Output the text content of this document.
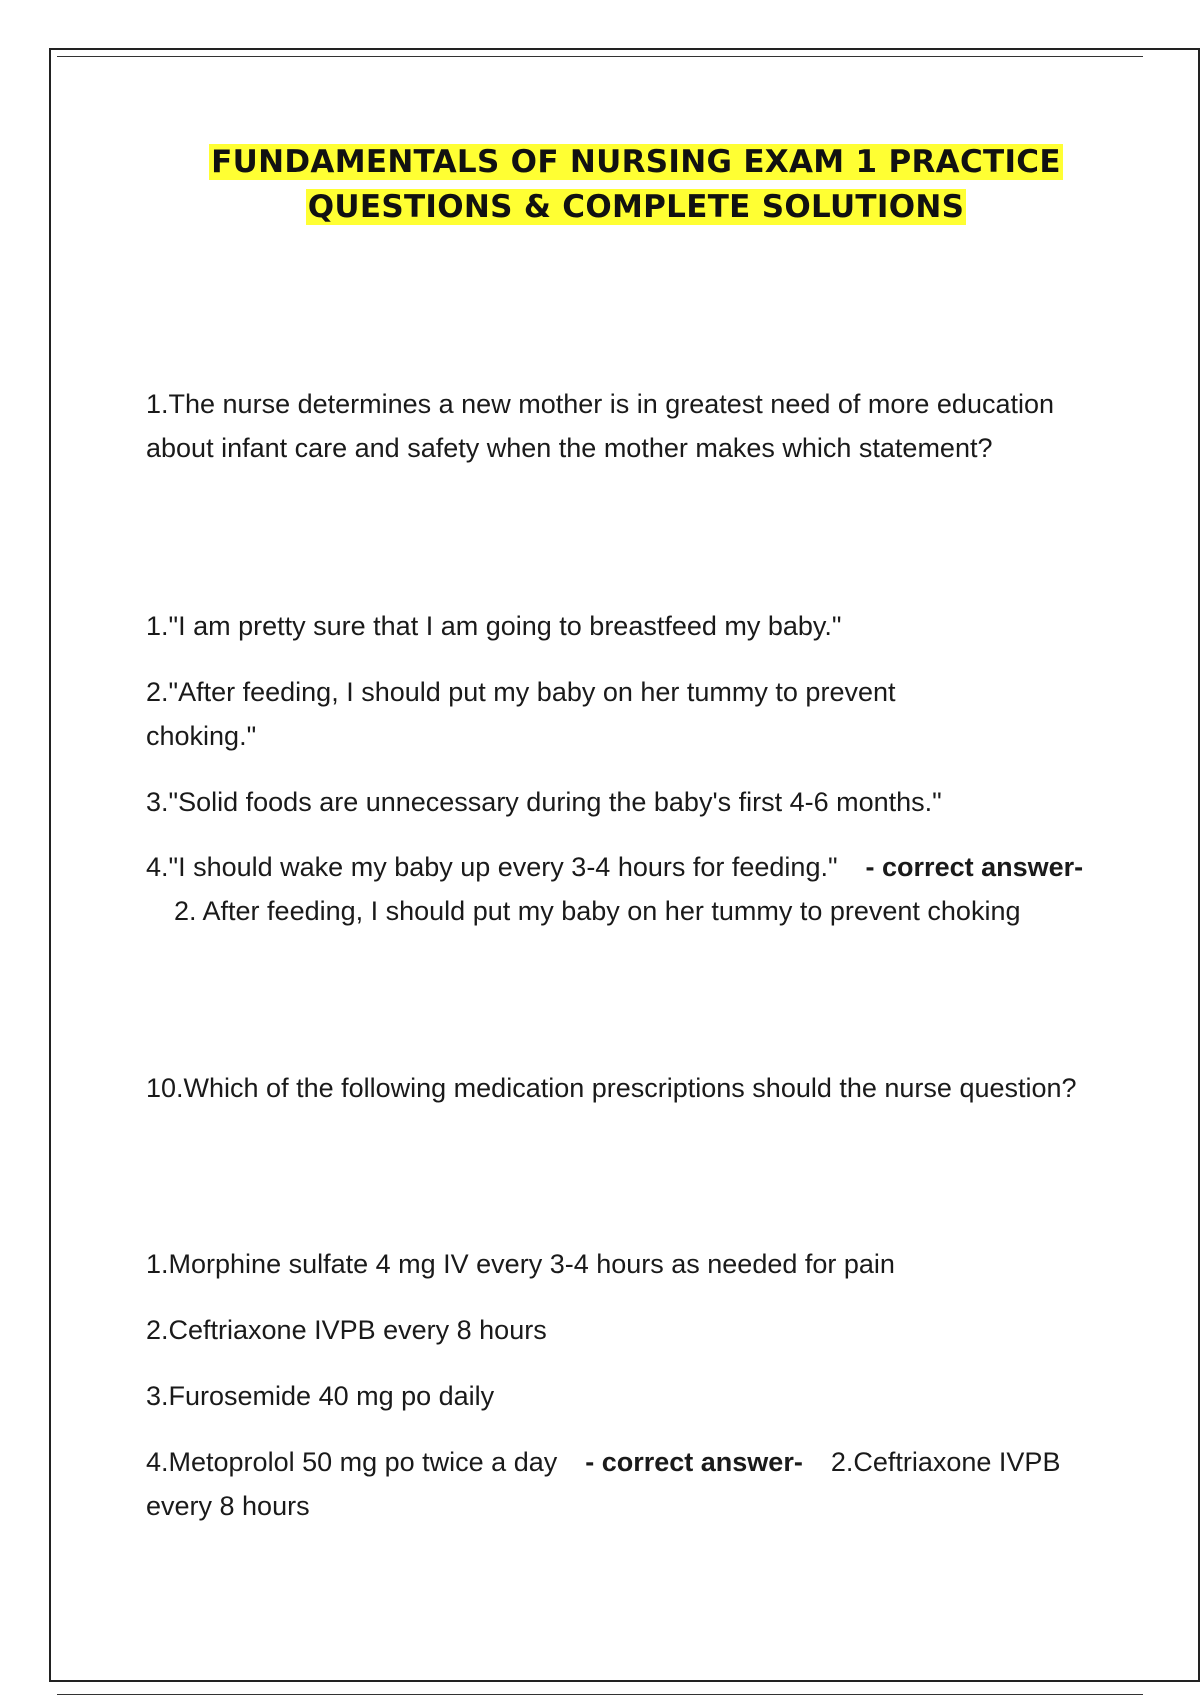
FUNDAMENTALS OF NURSING EXAM 1 PRACTICE
QUESTIONS & COMPLETE SOLUTIONS
1.The nurse determines a new mother is in greatest need of more education about infant care and safety when the mother makes which statement?
1."I am pretty sure that I am going to breastfeed my baby."
2."After feeding, I should put my baby on her tummy to prevent choking."
3."Solid foods are unnecessary during the baby's first 4-6 months."
4."I should wake my baby up every 3-4 hours for feeding." - correct answer-2. After feeding, I should put my baby on her tummy to prevent choking
10.Which of the following medication prescriptions should the nurse question?
1.Morphine sulfate 4 mg IV every 3-4 hours as needed for pain
2.Ceftriaxone IVPB every 8 hours
3.Furosemide 40 mg po daily
4.Metoprolol 50 mg po twice a day - correct answer- 2.Ceftriaxone IVPB every 8 hours
